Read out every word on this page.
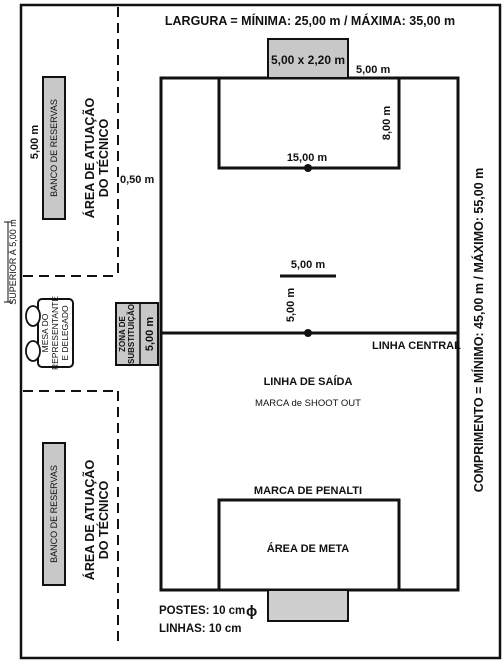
5,00 x 2,20 m
5,00 m
8,00 m
15,00 m
5,00 m
5,00 m
LINHA CENTRAL
LINHA DE SAÍDA
MARCA de SHOOT OUT
MARCA DE PENALTI
ÁREA DE META
LARGURA = MÍNIMA: 25,00 m / MÁXIMA: 35,00 m
COMPRIMENTO = MÍNIMO: 45,00 m / MÁXIMO: 55,00 m
SUPERIOR À 5,00 m
5,00 m BANCO DE RESERVAS ÁREA DE ATUAÇÃO DO TÉCNICO 0,50 m
MESA DO REPRESENTANTE E DELEGADO	ZONA DE SUBSTITUIÇÃO 5,00 m
BANCO DE RESERVAS ÁREA DE ATUAÇÃO DO TÉCNICO
POSTES: 10 cm ϕ
LINHAS: 10 cm
